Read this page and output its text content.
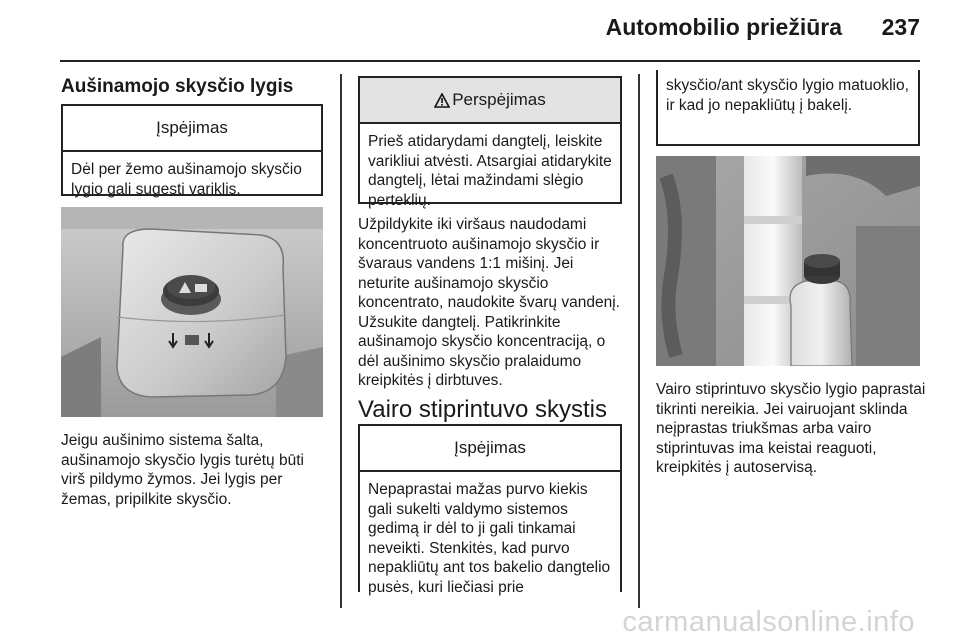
Automobilio priežiūra 237
Aušinamojo skysčio lygis
Įspėjimas
Dėl per žemo aušinamojo skysčio lygio gali sugesti variklis.
Jeigu aušinimo sistema šalta, aušinamojo skysčio lygis turėtų būti virš pildymo žymos. Jei lygis per žemas, pripilkite skysčio.
Perspėjimas
Prieš atidarydami dangtelį, leiskite varikliui atvėsti. Atsargiai atidarykite dangtelį, lėtai mažindami slėgio perteklių.
Užpildykite iki viršaus naudodami koncentruoto aušinamojo skysčio ir švaraus vandens 1:1 mišinį. Jei neturite aušinamojo skysčio koncentrato, naudokite švarų vandenį. Užsukite dangtelį. Patikrinkite aušinamojo skysčio koncentraciją, o dėl aušinimo skysčio pralaidumo kreipkitės į dirbtuves.
Vairo stiprintuvo skystis
Įspėjimas
Nepaprastai mažas purvo kiekis gali sukelti valdymo sistemos gedimą ir dėl to ji gali tinkamai neveikti. Stenkitės, kad purvo nepakliūtų ant tos bakelio dangtelio pusės, kuri liečiasi prie
skysčio/ant skysčio lygio matuoklio, ir kad jo nepakliūtų į bakelį.
Vairo stiprintuvo skysčio lygio paprastai tikrinti nereikia. Jei vairuojant sklinda neįprastas triukšmas arba vairo stiprintuvas ima keistai reaguoti, kreipkitės į autoservisą.
carmanualsonline.info
